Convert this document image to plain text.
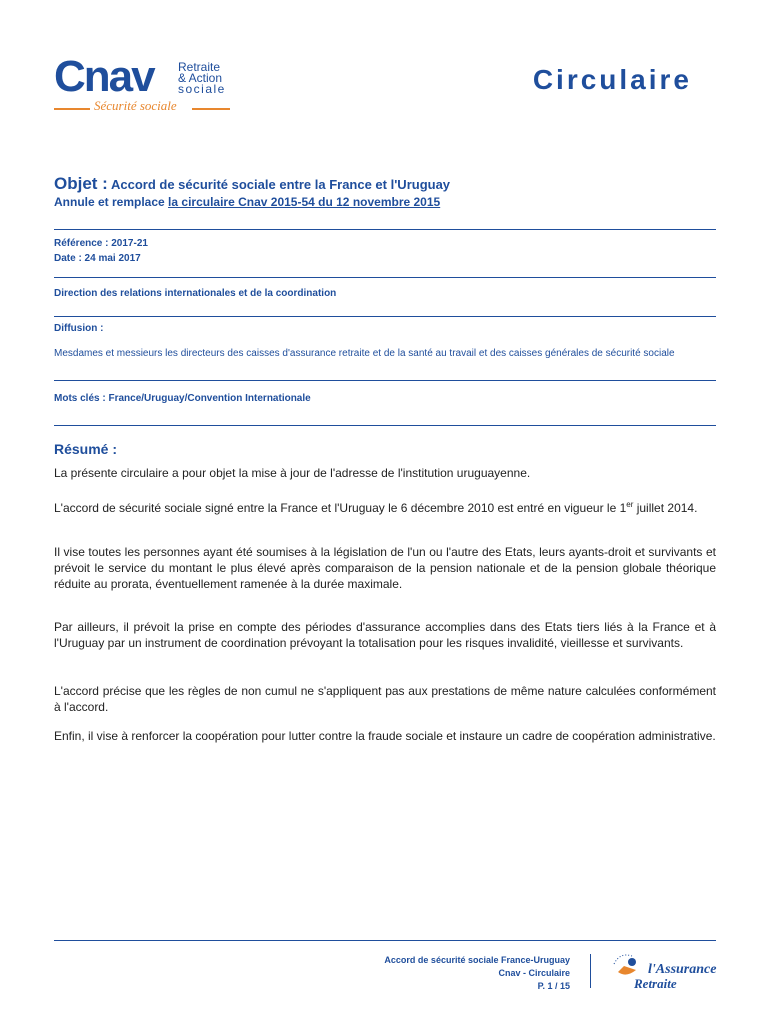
Cnav Retraite
& Action
sociale
Sécurité sociale
Circulaire
Objet : Accord de sécurité sociale entre la France et l'Uruguay
Annule et remplace la circulaire Cnav 2015-54 du 12 novembre 2015
Référence : 2017-21
Date : 24 mai 2017
Direction des relations internationales et de la coordination
Diffusion :
Mesdames et messieurs les directeurs des caisses d'assurance retraite et de la santé au travail et des caisses générales de sécurité sociale
Mots clés : France/Uruguay/Convention Internationale
Résumé :
La présente circulaire a pour objet la mise à jour de l'adresse de l'institution uruguayenne.
L'accord de sécurité sociale signé entre la France et l'Uruguay le 6 décembre 2010 est entré en vigueur le 1er juillet 2014.
Il vise toutes les personnes ayant été soumises à la législation de l'un ou l'autre des Etats, leurs ayants-droit et survivants et prévoit le service du montant le plus élevé après comparaison de la pension nationale et de la pension globale théorique réduite au prorata, éventuellement ramenée à la durée maximale.
Par ailleurs, il prévoit la prise en compte des périodes d'assurance accomplies dans des Etats tiers liés à la France et à l'Uruguay par un instrument de coordination prévoyant la totalisation pour les risques invalidité, vieillesse et survivants.
L'accord précise que les règles de non cumul ne s'appliquent pas aux prestations de même nature calculées conformément à l'accord.
Enfin, il vise à renforcer la coopération pour lutter contre la fraude sociale et instaure un cadre de coopération administrative.
Accord de sécurité sociale France-Uruguay
Cnav - Circulaire
P. 1 / 15
l'Assurance
Retraite
